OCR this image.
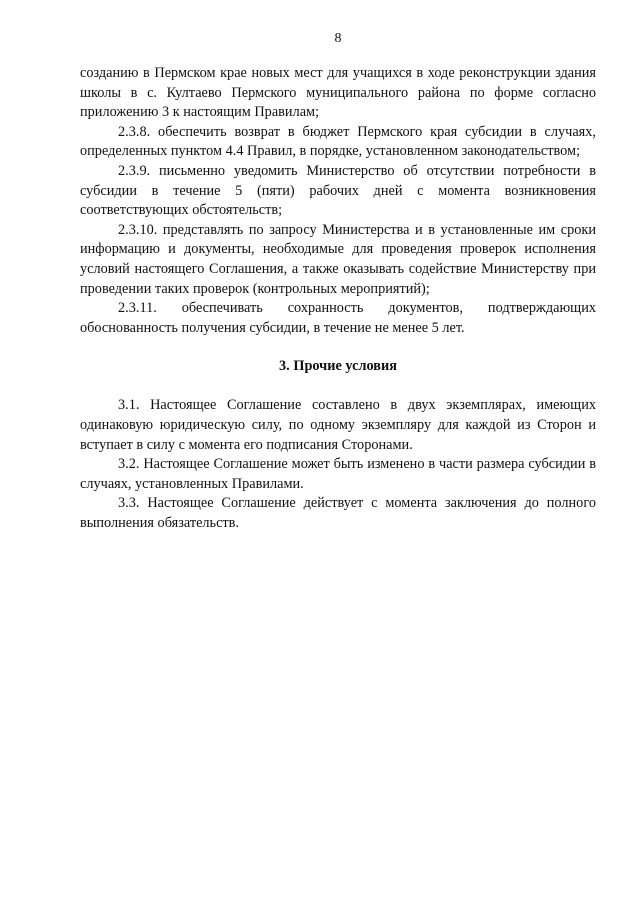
8

созданию в Пермском крае новых мест для учащихся в ходе реконструкции здания школы в с. Култаево Пермского муниципального района по форме согласно приложению 3 к настоящим Правилам;

2.3.8. обеспечить возврат в бюджет Пермского края субсидии в случаях, определенных пунктом 4.4 Правил, в порядке, установленном законодательством;

2.3.9. письменно уведомить Министерство об отсутствии потребности в субсидии в течение 5 (пяти) рабочих дней с момента возникновения соответствующих обстоятельств;

2.3.10. представлять по запросу Министерства и в установленные им сроки информацию и документы, необходимые для проведения проверок исполнения условий настоящего Соглашения, а также оказывать содействие Министерству при проведении таких проверок (контрольных мероприятий);

2.3.11. обеспечивать сохранность документов, подтверждающих обоснованность получения субсидии, в течение не менее 5 лет.

3. Прочие условия

3.1. Настоящее Соглашение составлено в двух экземплярах, имеющих одинаковую юридическую силу, по одному экземпляру для каждой из Сторон и вступает в силу с момента его подписания Сторонами.

3.2. Настоящее Соглашение может быть изменено в части размера субсидии в случаях, установленных Правилами.

3.3. Настоящее Соглашение действует с момента заключения до полного выполнения обязательств.
